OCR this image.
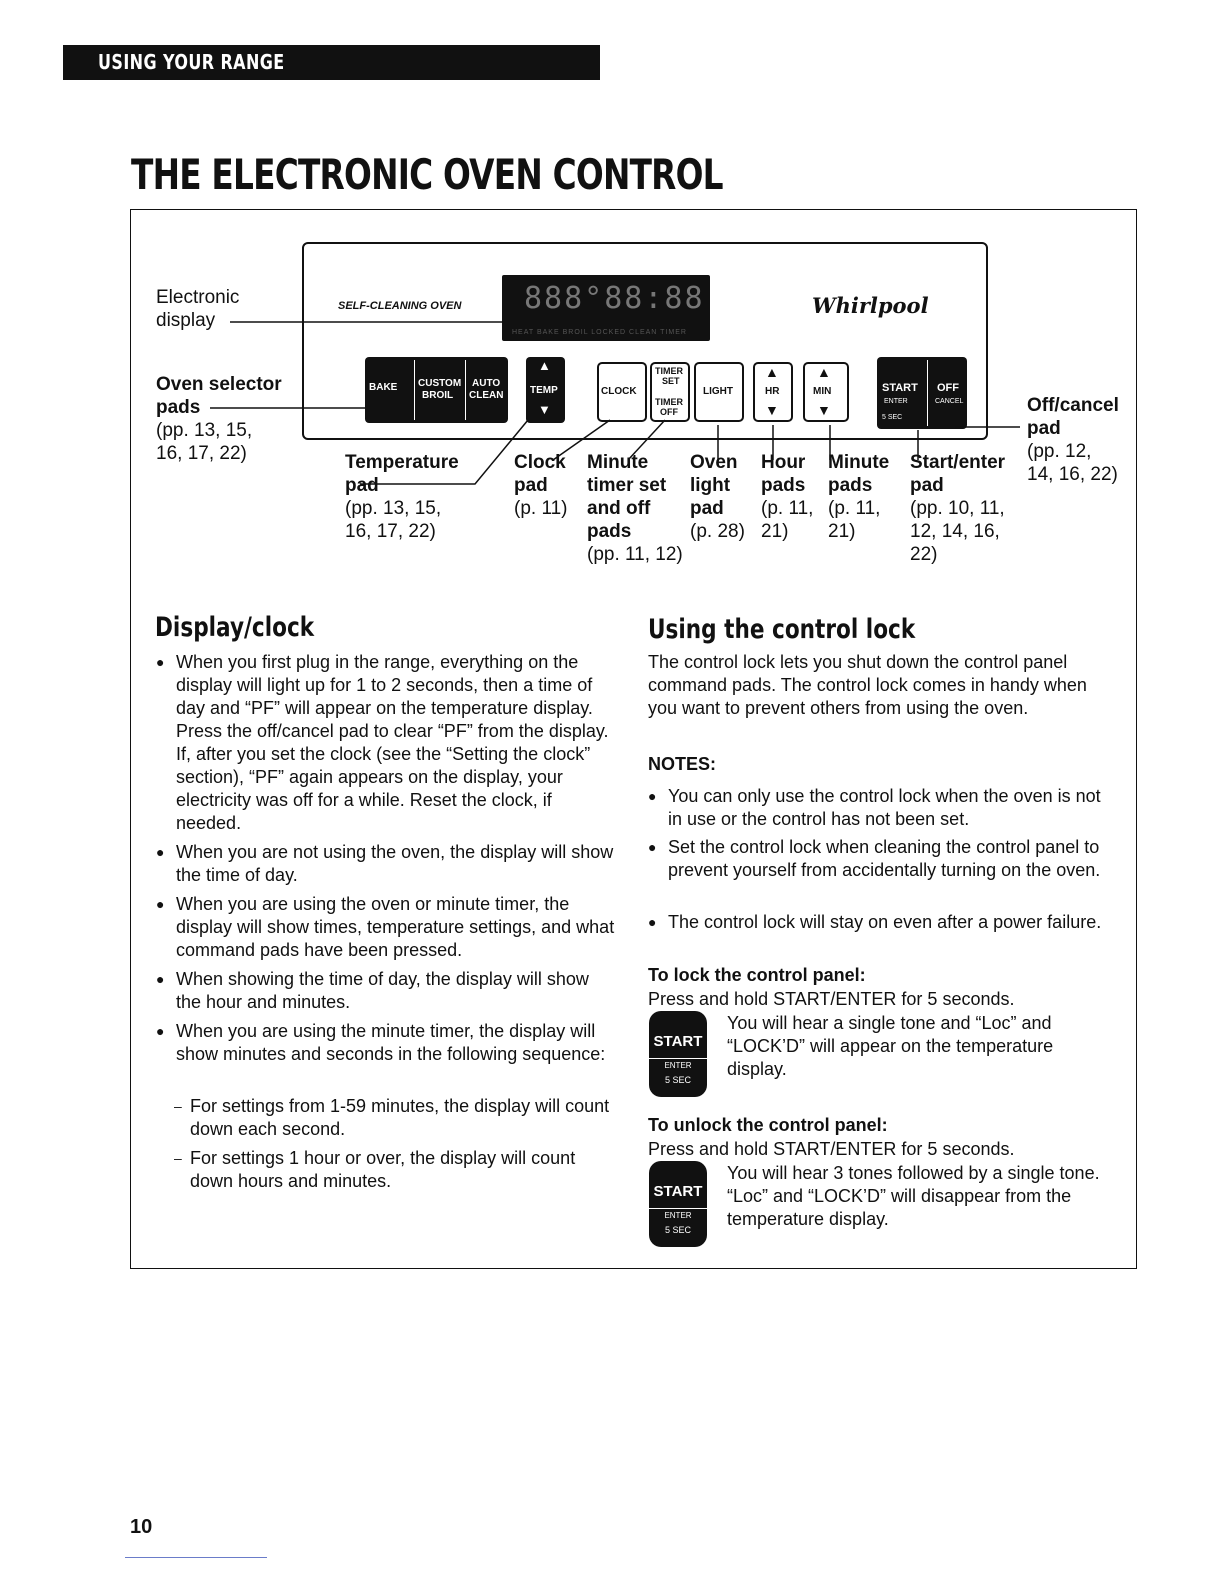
USING YOUR RANGE
THE ELECTRONIC OVEN CONTROL
SELF-CLEANING OVEN 888°88:88
HEAT BAKE BROIL LOCKED CLEAN TIMER
Whirlpool
BAKE CUSTOM
BROIL
AUTO
CLEAN
▲
TEMP
▼
CLOCK
TIMER
SET
TIMER
OFF
LIGHT
▲
HR
▼
▲
MIN
▼
START
ENTER
5 SEC
OFF
CANCEL
Electronic
display
Oven selector
pads
(pp. 13, 15,
16, 17, 22)
Off/cancel
pad
(pp. 12,
14, 16, 22)
Temperature
pad
(pp. 13, 15,
16, 17, 22)
Clock
pad
(p. 11)
Minute
timer set
and off
pads
(pp. 11, 12)
Oven
light
pad
(p. 28)
Hour
pads
(p. 11,
21)
Minute
pads
(p. 11,
21)
Start/enter
pad
(pp. 10, 11,
12, 14, 16,
22)
Display/clock
● When you first plug in the range, everything on the display will light up for 1 to 2 seconds, then a time of day and “PF” will appear on the temperature display. Press the off/cancel pad to clear “PF” from the display. If, after you set the clock (see the “Setting the clock” section), “PF” again appears on the display, your electricity was off for a while. Reset the clock, if needed.
● When you are not using the oven, the display will show the time of day.
● When you are using the oven or minute timer, the display will show times, temperature settings, and what command pads have been pressed.
● When showing the time of day, the display will show the hour and minutes.
● When you are using the minute timer, the display will show minutes and seconds in the following sequence:
– For settings from 1-59 minutes, the display will count down each second.
– For settings 1 hour or over, the display will count down hours and minutes.
Using the control lock
The control lock lets you shut down the control panel command pads. The control lock comes in handy when you want to prevent others from using the oven.
NOTES:
● You can only use the control lock when the oven is not in use or the control has not been set.
● Set the control lock when cleaning the control panel to prevent yourself from accidentally turning on the oven.
● The control lock will stay on even after a power failure.
To lock the control panel:
Press and hold START/ENTER for 5 seconds.
START
ENTER
5 SEC
You will hear a single tone and “Loc” and “LOCK’D” will appear on the temperature display.
To unlock the control panel:
Press and hold START/ENTER for 5 seconds.
START
ENTER
5 SEC
You will hear 3 tones followed by a single tone. “Loc” and “LOCK’D” will disappear from the temperature display.
10
